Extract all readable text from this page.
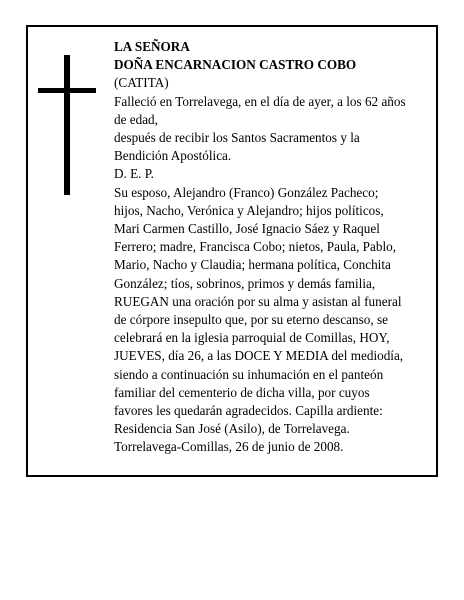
LA SEÑORA
DOÑA ENCARNACION CASTRO COBO
(CATITA)
Falleció en Torrelavega, en el día de ayer, a los 62 años
de edad,
después de recibir los Santos Sacramentos y la
Bendición Apostólica.
D. E. P.
Su esposo, Alejandro (Franco) González Pacheco;
hijos, Nacho, Verónica y Alejandro; hijos políticos,
Mari Carmen Castillo, José Ignacio Sáez y Raquel
Ferrero; madre, Francisca Cobo; nietos, Paula, Pablo,
Mario, Nacho y Claudia; hermana política, Conchita
González; tíos, sobrinos, primos y demás familia,
RUEGAN una oración por su alma y asistan al funeral
de córpore insepulto que, por su eterno descanso, se
celebrará en la iglesia parroquial de Comillas, HOY,
JUEVES, día 26, a las DOCE Y MEDIA del mediodía,
siendo a continuación su inhumación en el panteón
familiar del cementerio de dicha villa, por cuyos
favores les quedarán agradecidos. Capilla ardiente:
Residencia San José (Asilo), de Torrelavega.
Torrelavega-Comillas, 26 de junio de 2008.
